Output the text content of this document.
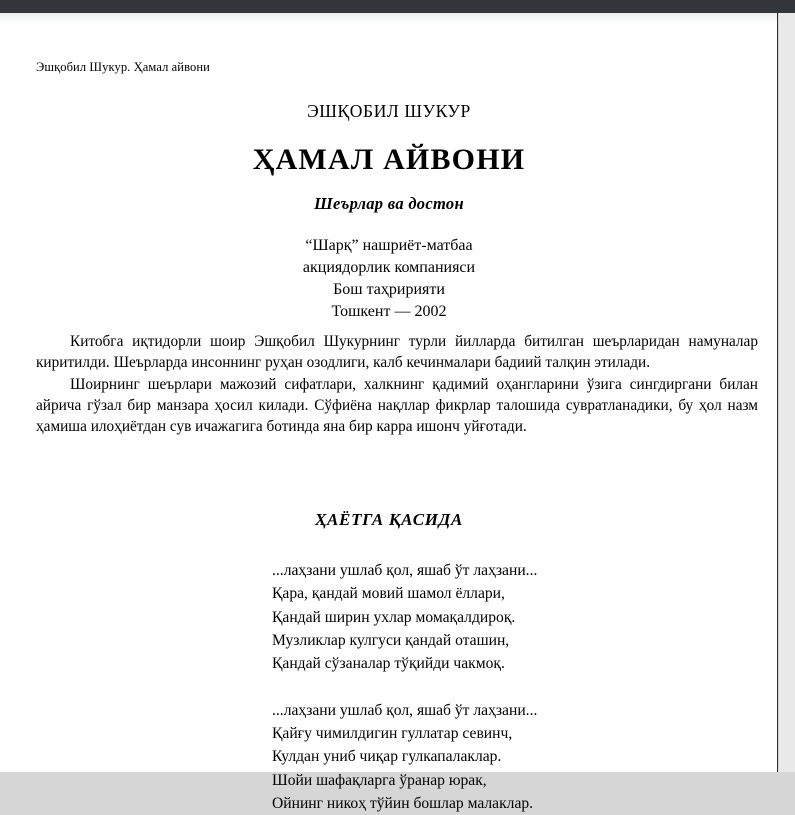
Эшқобил Шукур. Ҳамал айвони
ЭШҚОБИЛ ШУКУР
ҲАМАЛ АЙВОНИ
Шеърлар ва достон
“Шарқ” нашриёт-матбаа
акциядорлик компанияси
Бош таҳририяти
Тошкент — 2002

Китобга иқтидорли шоир Эшқобил Шукурнинг турли йилларда битилган шеърларидан намуналар киритилди. Шеърларда инсоннинг руҳан озодлиги, калб кечинмалари бадиий талқин этилади.

Шоирнинг шеърлари мажозий сифатлари, халкнинг қадимий оҳангларини ўзига сингдиргани билан айрича гўзал бир манзара ҳосил килади. Сўфиёна нақллар фикрлар талошида сувратланадики, бу ҳол назм ҳамиша илоҳиётдан сув ичажагига ботинда яна бир карра ишонч уйғотади.

ҲАЁТГА ҚАСИДА
...лаҳзани ушлаб қол, яшаб ўт лаҳзани...
Қара, қандай мовий шамол ёллари,
Қандай ширин ухлар момақалдироқ.
Музликлар кулгуси қандай оташин,
Қандай сўзаналар тўқийди чакмоқ.
...лаҳзани ушлаб қол, яшаб ўт лаҳзани...
Қайғу чимилдигин гуллатар севинч,
Кулдан униб чиқар гулкапалаклар.
Шойи шафақларга ўранар юрак,
Ойнинг никоҳ тўйин бошлар малаклар.
